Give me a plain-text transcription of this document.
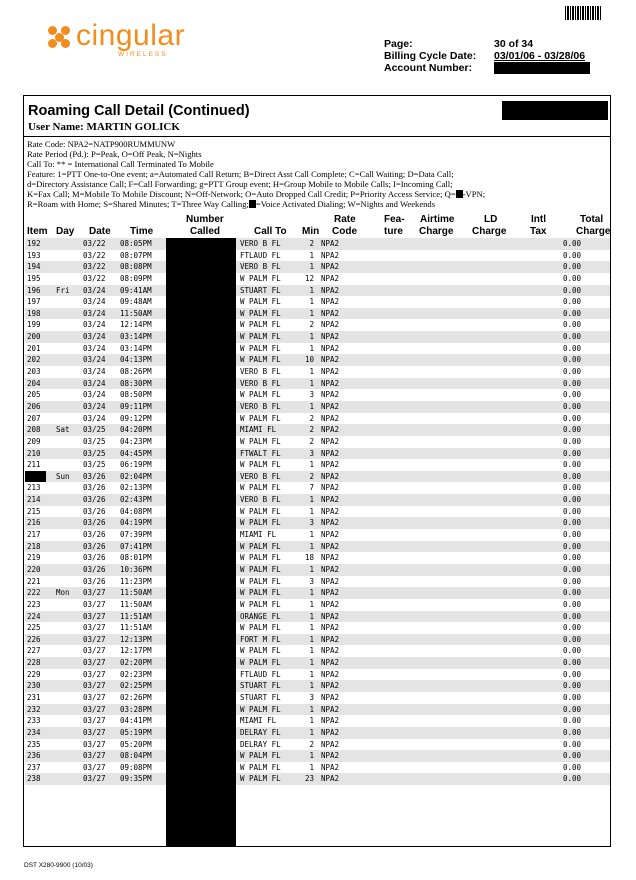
cingular
WIRELESS
Page:	30 of 34
Billing Cycle Date:	03/01/06 - 03/28/06
Account Number:
Roaming Call Detail (Continued)
User Name: MARTIN GOLICK
Rate Code: NPA2=NATP900RUMMUNW
Rate Period (Pd.): P=Peak, O=Off Peak, N=Nights
Call To: ** = International Call Terminated To Mobile
Feature: 1=PTT One-to-One event; a=Automated Call Return; B=Direct Asst Call Complete; C=Call Waiting; D=Data Call;
d=Directory Assistance Call; F=Call Forwarding; g=PTT Group event; H=Group Mobile to Mobile Calls; I=Incoming Call;
K=Fax Call; M=Mobile To Mobile Discount; N=Off-Network; O=Auto Dropped Call Credit; P=Priority Access Service; Q= -VPN;
R=Roam with Home; S=Shared Minutes; T=Three Way Calling; =Voice Activated Dialing; W=Nights and Weekends
Item Day Date Time
Number
Called	Call To Min
Rate
Code
Fea-
ture
Airtime
Charge
LD
Charge
Intl
Tax
Total
Charge
192	03/22 08:05PM	VERO B FL	2 NPA2	0.00
193	03/22 08:07PM	FTLAUD FL	1 NPA2	0.00
194	03/22 08:08PM	VERO B FL	1 NPA2	0.00
195	03/22 08:09PM	W PALM FL	12 NPA2	0.00
196 Fri 03/24 09:41AM	STUART FL	1 NPA2	0.00
197	03/24 09:48AM	W PALM FL	1 NPA2	0.00
198	03/24 11:50AM	W PALM FL	1 NPA2	0.00
199	03/24 12:14PM	W PALM FL	2 NPA2	0.00
200	03/24 03:14PM	W PALM FL	1 NPA2	0.00
201	03/24 03:14PM	W PALM FL	1 NPA2	0.00
202	03/24 04:13PM	W PALM FL	10 NPA2	0.00
203	03/24 08:26PM	VERO B FL	1 NPA2	0.00
204	03/24 08:30PM	VERO B FL	1 NPA2	0.00
205	03/24 08:50PM	W PALM FL	3 NPA2	0.00
206	03/24 09:11PM	VERO B FL	1 NPA2	0.00
207	03/24 09:12PM	W PALM FL	2 NPA2	0.00
208 Sat 03/25 04:20PM	MIAMI FL	2 NPA2	0.00
209	03/25 04:23PM	W PALM FL	2 NPA2	0.00
210	03/25 04:45PM	FTWALT FL	3 NPA2	0.00
211	03/25 06:19PM	W PALM FL	1 NPA2	0.00
Sun 03/26 02:04PM	VERO B FL	2 NPA2	0.00
213	03/26 02:13PM	W PALM FL	7 NPA2	0.00
214	03/26 02:43PM	VERO B FL	1 NPA2	0.00
215	03/26 04:08PM	W PALM FL	1 NPA2	0.00
216	03/26 04:19PM	W PALM FL	3 NPA2	0.00
217	03/26 07:39PM	MIAMI FL	1 NPA2	0.00
218	03/26 07:41PM	W PALM FL	1 NPA2	0.00
219	03/26 08:01PM	W PALM FL	18 NPA2	0.00
220	03/26 10:36PM	W PALM FL	1 NPA2	0.00
221	03/26 11:23PM	W PALM FL	3 NPA2	0.00
222 Mon 03/27 11:50AM	W PALM FL	1 NPA2	0.00
223	03/27 11:50AM	W PALM FL	1 NPA2	0.00
224	03/27 11:51AM	ORANGE FL	1 NPA2	0.00
225	03/27 11:51AM	W PALM FL	1 NPA2	0.00
226	03/27 12:13PM	FORT M FL	1 NPA2	0.00
227	03/27 12:17PM	W PALM FL	1 NPA2	0.00
228	03/27 02:20PM	W PALM FL	1 NPA2	0.00
229	03/27 02:23PM	FTLAUD FL	1 NPA2	0.00
230	03/27 02:25PM	STUART FL	1 NPA2	0.00
231	03/27 02:26PM	STUART FL	3 NPA2	0.00
232	03/27 03:28PM	W PALM FL	1 NPA2	0.00
233	03/27 04:41PM	MIAMI FL	1 NPA2	0.00
234	03/27 05:19PM	DELRAY FL	1 NPA2	0.00
235	03/27 05:20PM	DELRAY FL	2 NPA2	0.00
236	03/27 08:04PM	W PALM FL	1 NPA2	0.00
237	03/27 09:08PM	W PALM FL	1 NPA2	0.00
238	03/27 09:35PM	W PALM FL	23 NPA2	0.00
DST X280-9900 (10/03)
